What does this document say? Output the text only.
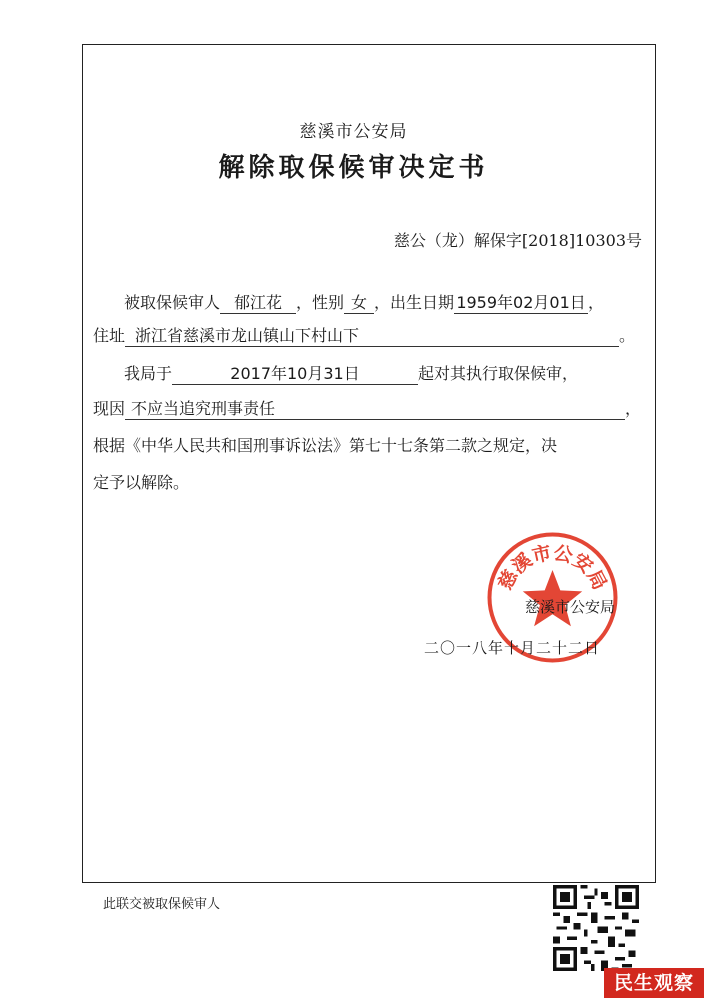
慈溪市公安局
解除取保候审决定书
慈公（龙）解保字[2018]10303号
被取保候审人 郁江花 ，性别 女 ，出生日期 1959年02月01日 ，
住址 浙江省慈溪市龙山镇山下村山下	。
我局于	2017年10月31日	起对其执行取保候审，
现因 不应当追究刑事责任	，
根据《中华人民共和国刑事诉讼法》第七十七条第二款之规定，决
定予以解除。
慈溪市公安局
慈溪市公安局
二〇一八年十月二十二日
此联交被取保候审人
民生观察
